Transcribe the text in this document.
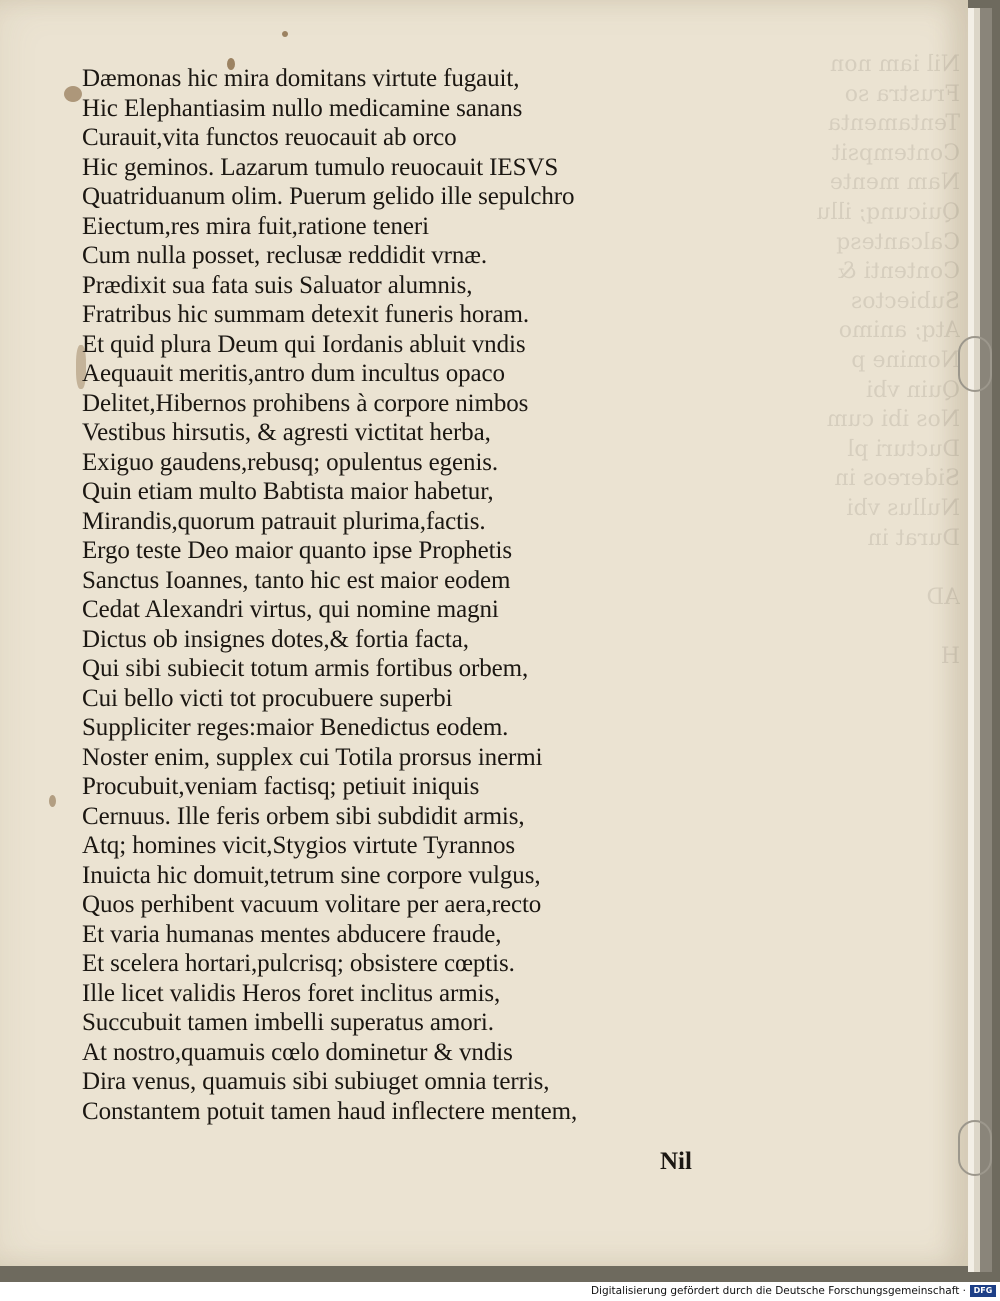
Nil iam non
Frustra so
Tentamenta
Contempsit
Nam mente
Quicunq; illu
Calcantesq
Contenti &
Subiectos
Atq; animo
Nomine p
Quin vbi
Nos ibi cum
Ducturi pl
Sidereos in
Nullus vbi
Durat in

AD

H
Dæmonas hic mira domitans virtute fugauit,
Hic Elephantiasim nullo medicamine sanans
Curauit,vita functos reuocauit ab orco
Hic geminos. Lazarum tumulo reuocauit IESVS
Quatriduanum olim. Puerum gelido ille sepulchro
Eiectum,res mira fuit,ratione teneri
Cum nulla posset, reclusæ reddidit vrnæ.
Prædixit sua fata suis Saluator alumnis,
Fratribus hic summam detexit funeris horam.
Et quid plura Deum qui Iordanis abluit vndis
Aequauit meritis,antro dum incultus opaco
Delitet,Hibernos prohibens à corpore nimbos
Vestibus hirsutis, & agresti victitat herba,
Exiguo gaudens,rebusq; opulentus egenis.
Quin etiam multo Babtista maior habetur,
Mirandis,quorum patrauit plurima,factis.
Ergo teste Deo maior quanto ipse Prophetis
Sanctus Ioannes, tanto hic est maior eodem
Cedat Alexandri virtus, qui nomine magni
Dictus ob insignes dotes,& fortia facta,
Qui sibi subiecit totum armis fortibus orbem,
Cui bello victi tot procubuere superbi
Suppliciter reges:maior Benedictus eodem.
Noster enim, supplex cui Totila prorsus inermi
Procubuit,veniam factisq; petiuit iniquis
Cernuus. Ille feris orbem sibi subdidit armis,
Atq; homines vicit,Stygios virtute Tyrannos
Inuicta hic domuit,tetrum sine corpore vulgus,
Quos perhibent vacuum volitare per aera,recto
Et varia humanas mentes abducere fraude,
Et scelera hortari,pulcrisq; obsistere cœptis.
Ille licet validis Heros foret inclitus armis,
Succubuit tamen imbelli superatus amori.
At nostro,quamuis cœlo dominetur & vndis
Dira venus, quamuis sibi subiuget omnia terris,
Constantem potuit tamen haud inflectere mentem,
Nil
Digitalisierung gefördert durch die Deutsche Forschungsgemeinschaft · DFG
